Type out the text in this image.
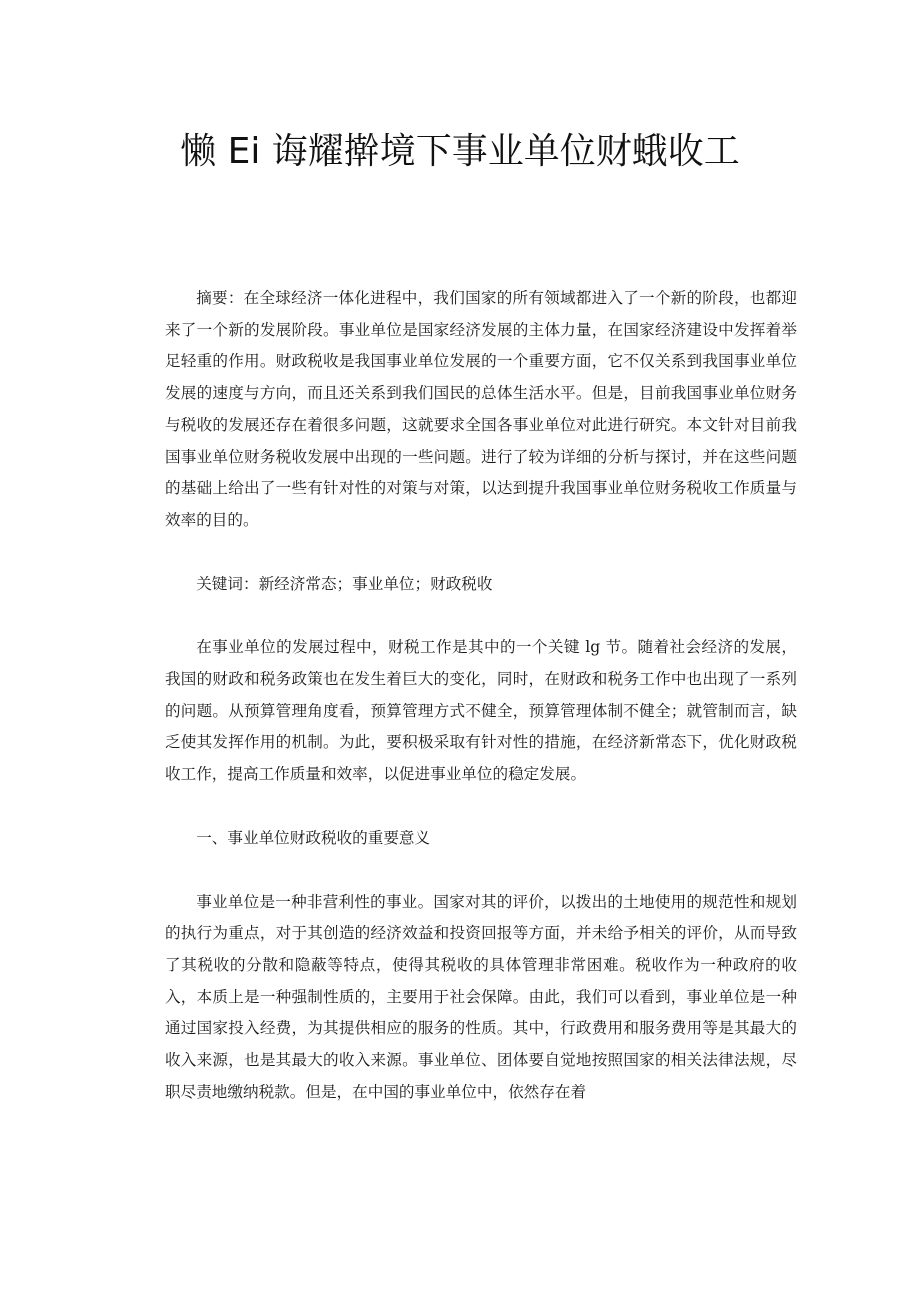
懒 Ei 诲耀擀境下事业单位财蛾收工

摘要：在全球经济一体化进程中，我们国家的所有领域都进入了一个新的阶段，也都迎来了一个新的发展阶段。事业单位是国家经济发展的主体力量，在国家经济建设中发挥着举足轻重的作用。财政税收是我国事业单位发展的一个重要方面，它不仅关系到我国事业单位发展的速度与方向，而且还关系到我们国民的总体生活水平。但是，目前我国事业单位财务与税收的发展还存在着很多问题，这就要求全国各事业单位对此进行研究。本文针对目前我国事业单位财务税收发展中出现的一些问题。进行了较为详细的分析与探讨，并在这些问题的基础上给出了一些有针对性的对策与对策，以达到提升我国事业单位财务税收工作质量与效率的目的。

关键词：新经济常态；事业单位；财政税收

在事业单位的发展过程中，财税工作是其中的一个关键 lg 节。随着社会经济的发展，我国的财政和税务政策也在发生着巨大的变化，同时，在财政和税务工作中也出现了一系列的问题。从预算管理角度看，预算管理方式不健全，预算管理体制不健全；就管制而言，缺乏使其发挥作用的机制。为此，要积极采取有针对性的措施，在经济新常态下，优化财政税收工作，提高工作质量和效率，以促进事业单位的稳定发展。

一、事业单位财政税收的重要意义

事业单位是一种非营利性的事业。国家对其的评价，以拨出的土地使用的规范性和规划的执行为重点，对于其创造的经济效益和投资回报等方面，并未给予相关的评价，从而导致了其税收的分散和隐蔽等特点，使得其税收的具体管理非常困难。税收作为一种政府的收入，本质上是一种强制性质的，主要用于社会保障。由此，我们可以看到，事业单位是一种通过国家投入经费，为其提供相应的服务的性质。其中，行政费用和服务费用等是其最大的收入来源，也是其最大的收入来源。事业单位、团体要自觉地按照国家的相关法律法规，尽职尽责地缴纳税款。但是，在中国的事业单位中，依然存在着
